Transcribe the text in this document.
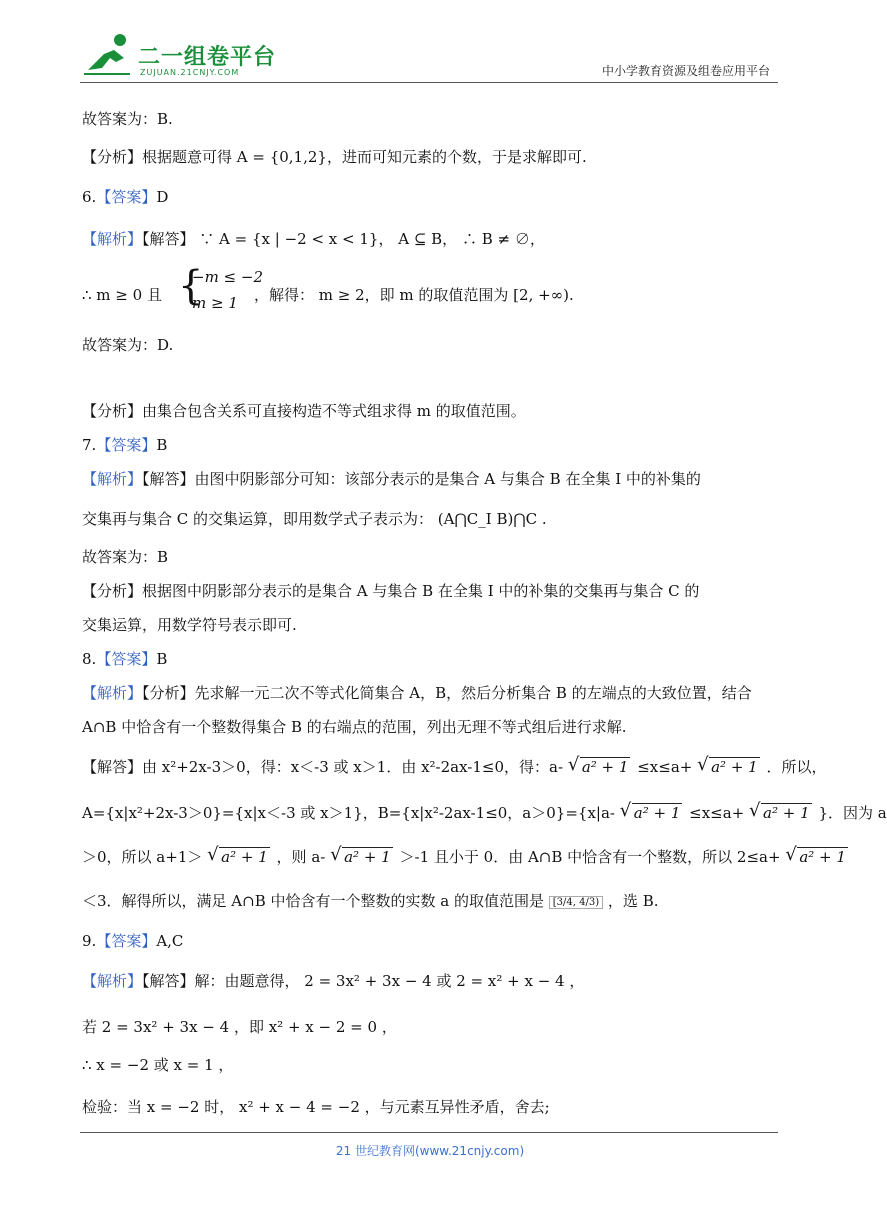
二一组卷平台
ZUJUAN.21CNJY.COM	中小学教育资源及组卷应用平台
故答案为：B.
【分析】根据题意可得 A = {0,1,2}，进而可知元素的个数，于是求解即可.
6.【答案】D
【解析】【解答】 ∵ A = {x | −2 < x < 1}， A ⊆ B， ∴ B ≠ ∅，
∴ m ≥ 0 且 {
−m ≤ −2
m ≥ 1 ，解得： m ≥ 2，即 m 的取值范围为 [2, +∞).
故答案为：D.
【分析】由集合包含关系可直接构造不等式组求得 m 的取值范围。
7.【答案】B
【解析】【解答】由图中阴影部分可知：该部分表示的是集合 A 与集合 B 在全集 I 中的补集的
交集再与集合 C 的交集运算，即用数学式子表示为： (A⋂C_I B)⋂C .
故答案为：B
【分析】根据图中阴影部分表示的是集合 A 与集合 B 在全集 I 中的补集的交集再与集合 C 的
交集运算，用数学符号表示即可.
8.【答案】B
【解析】【分析】先求解一元二次不等式化简集合 A，B，然后分析集合 B 的左端点的大致位置，结合
A∩B 中恰含有一个整数得集合 B 的右端点的范围，列出无理不等式组后进行求解.
【解答】由 x²+2x-3＞0，得：x＜-3 或 x＞1．由 x²-2ax-1≤0，得：a- √ a² + 1 ≤x≤a+ √ a² + 1 ．所以，
A={x|x²+2x-3＞0}={x|x＜-3 或 x＞1}，B={x|x²-2ax-1≤0，a＞0}={x|a- √ a² + 1 ≤x≤a+ √ a² + 1 }．因为 a
＞0，所以 a+1＞ √ a² + 1 ，则 a- √ a² + 1 ＞-1 且小于 0．由 A∩B 中恰含有一个整数，所以 2≤a+ √ a² + 1
＜3．解得所以，满足 A∩B 中恰含有一个整数的实数 a 的取值范围是 [3/4, 4/3) ，选 B.
9.【答案】A,C
【解析】【解答】解：由题意得， 2 = 3x² + 3x − 4 或 2 = x² + x − 4 ，
若 2 = 3x² + 3x − 4 ，即 x² + x − 2 = 0 ，
∴ x = −2 或 x = 1 ，
检验：当 x = −2 时， x² + x − 4 = −2 ，与元素互异性矛盾，舍去;
21 世纪教育网(www.21cnjy.com)
